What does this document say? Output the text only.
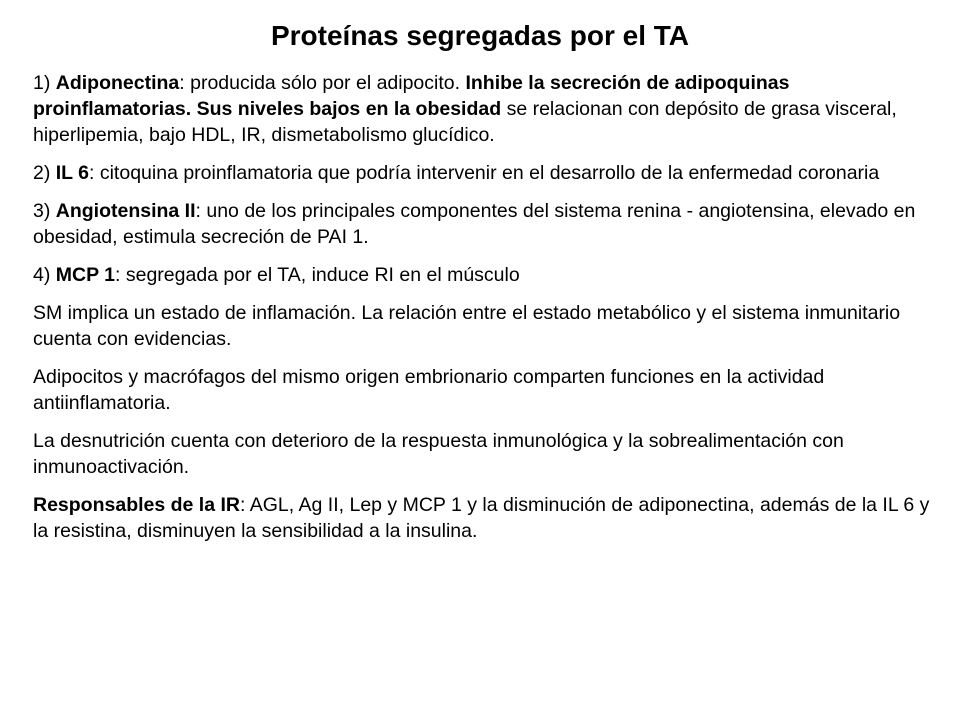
Proteínas segregadas por el TA

1) Adiponectina: producida sólo por el adipocito. Inhibe la secreción de adipoquinas proinflamatorias. Sus niveles bajos en la obesidad se relacionan con depósito de grasa visceral, hiperlipemia, bajo HDL, IR, dismetabolismo glucídico.

2) IL 6: citoquina proinflamatoria que podría intervenir en el desarrollo de la enfermedad coronaria

3) Angiotensina II: uno de los principales componentes del sistema renina - angiotensina, elevado en obesidad, estimula secreción de PAI 1.

4) MCP 1: segregada por el TA, induce RI en el músculo

SM implica un estado de inflamación. La relación entre el estado metabólico y el sistema inmunitario cuenta con evidencias.

Adipocitos y macrófagos del mismo origen embrionario comparten funciones en la actividad antiinflamatoria.

La desnutrición cuenta con deterioro de la respuesta inmunológica y la sobrealimentación con inmunoactivación.

Responsables de la IR: AGL, Ag II, Lep y MCP 1 y la disminución de adiponectina, además de la IL 6 y la resistina, disminuyen la sensibilidad a la insulina.
